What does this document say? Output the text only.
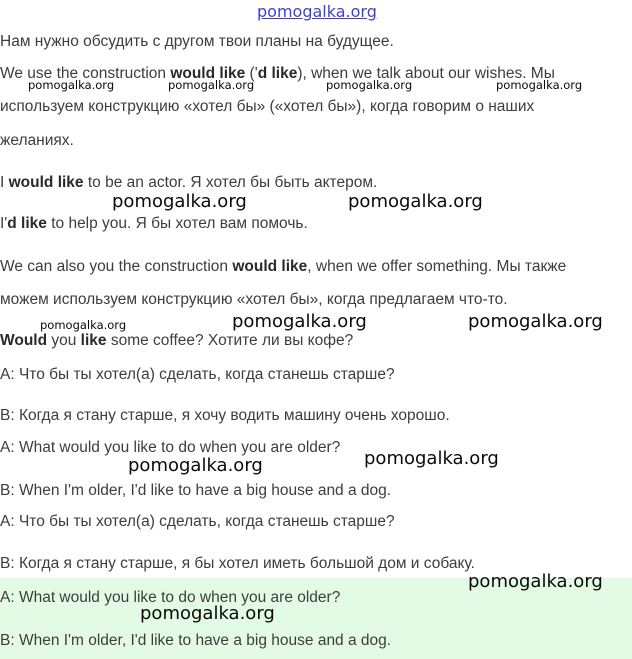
pomogalka.org
Нам нужно обсудить с другом твои планы на будущее.
We use the construction would like ('d like), when we talk about our wishes. Мы
используем конструкцию «хотел бы» («хотел бы»), когда говорим о наших
желаниях.
I would like to be an actor. Я хотел бы быть актером.
I'd like to help you. Я бы хотел вам помочь.
We can also you the construction would like, when we offer something. Мы также
можем используем конструкцию «хотел бы», когда предлагаем что-то.
Would you like some coffee? Хотите ли вы кофе?
A: Что бы ты хотел(а) сделать, когда станешь старше?
B: Когда я стану старше, я хочу водить машину очень хорошо.
A: What would you like to do when you are older?
B: When I'm older, I'd like to have a big house and a dog.
A: Что бы ты хотел(а) сделать, когда станешь старше?
B: Когда я стану старше, я бы хотел иметь большой дом и собаку.
A: What would you like to do when you are older?
B: When I'm older, I'd like to have a big house and a dog.
pomogalka.org	pomogalka.org	pomogalka.org	pomogalka.org
pomogalka.org	pomogalka.org
pomogalka.org	pomogalka.org	pomogalka.org
pomogalka.org	pomogalka.org
pomogalka.org
pomogalka.org
